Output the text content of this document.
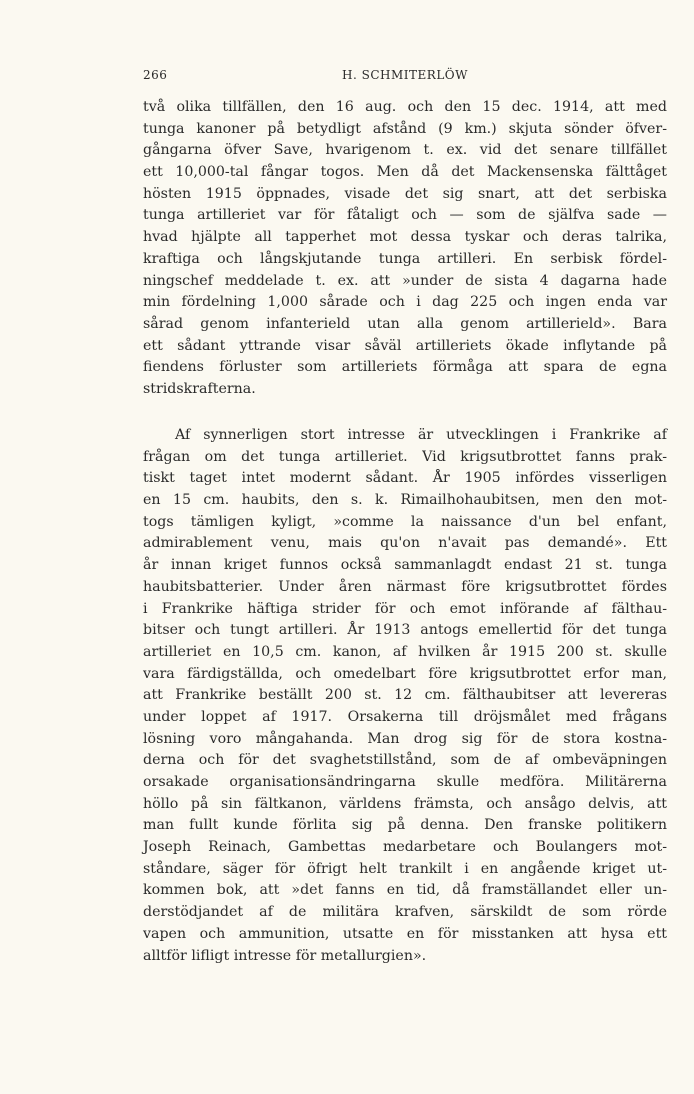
266	H. SCHMITERLÖW
två olika tillfällen, den 16 aug. och den 15 dec. 1914, att med
tunga kanoner på betydligt afstånd (9 km.) skjuta sönder öfver-
gångarna öfver Save, hvarigenom t. ex. vid det senare tillfället
ett 10,000-tal fångar togos. Men då det Mackensenska fälttåget
hösten 1915 öppnades, visade det sig snart, att det serbiska
tunga artilleriet var för fåtaligt och — som de själfva sade —
hvad hjälpte all tapperhet mot dessa tyskar och deras talrika,
kraftiga och långskjutande tunga artilleri. En serbisk fördel-
ningschef meddelade t. ex. att »under de sista 4 dagarna hade
min fördelning 1,000 sårade och i dag 225 och ingen enda var
sårad genom infanterield utan alla genom artillerield». Bara
ett sådant yttrande visar såväl artilleriets ökade inflytande på
fiendens förluster som artilleriets förmåga att spara de egna
stridskrafterna.
Af synnerligen stort intresse är utvecklingen i Frankrike af
frågan om det tunga artilleriet. Vid krigsutbrottet fanns prak-
tiskt taget intet modernt sådant. År 1905 infördes visserligen
en 15 cm. haubits, den s. k. Rimailhohaubitsen, men den mot-
togs tämligen kyligt, »comme la naissance d'un bel enfant,
admirablement venu, mais qu'on n'avait pas demandé». Ett
år innan kriget funnos också sammanlagdt endast 21 st. tunga
haubitsbatterier. Under åren närmast före krigsutbrottet fördes
i Frankrike häftiga strider för och emot införande af fälthau-
bitser och tungt artilleri. År 1913 antogs emellertid för det tunga
artilleriet en 10,5 cm. kanon, af hvilken år 1915 200 st. skulle
vara färdigställda, och omedelbart före krigsutbrottet erfor man,
att Frankrike beställt 200 st. 12 cm. fälthaubitser att levereras
under loppet af 1917. Orsakerna till dröjsmålet med frågans
lösning voro mångahanda. Man drog sig för de stora kostna-
derna och för det svaghetstillstånd, som de af ombeväpningen
orsakade organisationsändringarna skulle medföra. Militärerna
höllo på sin fältkanon, världens främsta, och ansågo delvis, att
man fullt kunde förlita sig på denna. Den franske politikern
Joseph Reinach, Gambettas medarbetare och Boulangers mot-
ståndare, säger för öfrigt helt trankilt i en angående kriget ut-
kommen bok, att »det fanns en tid, då framställandet eller un-
derstödjandet af de militära krafven, särskildt de som rörde
vapen och ammunition, utsatte en för misstanken att hysa ett
alltför lifligt intresse för metallurgien».
